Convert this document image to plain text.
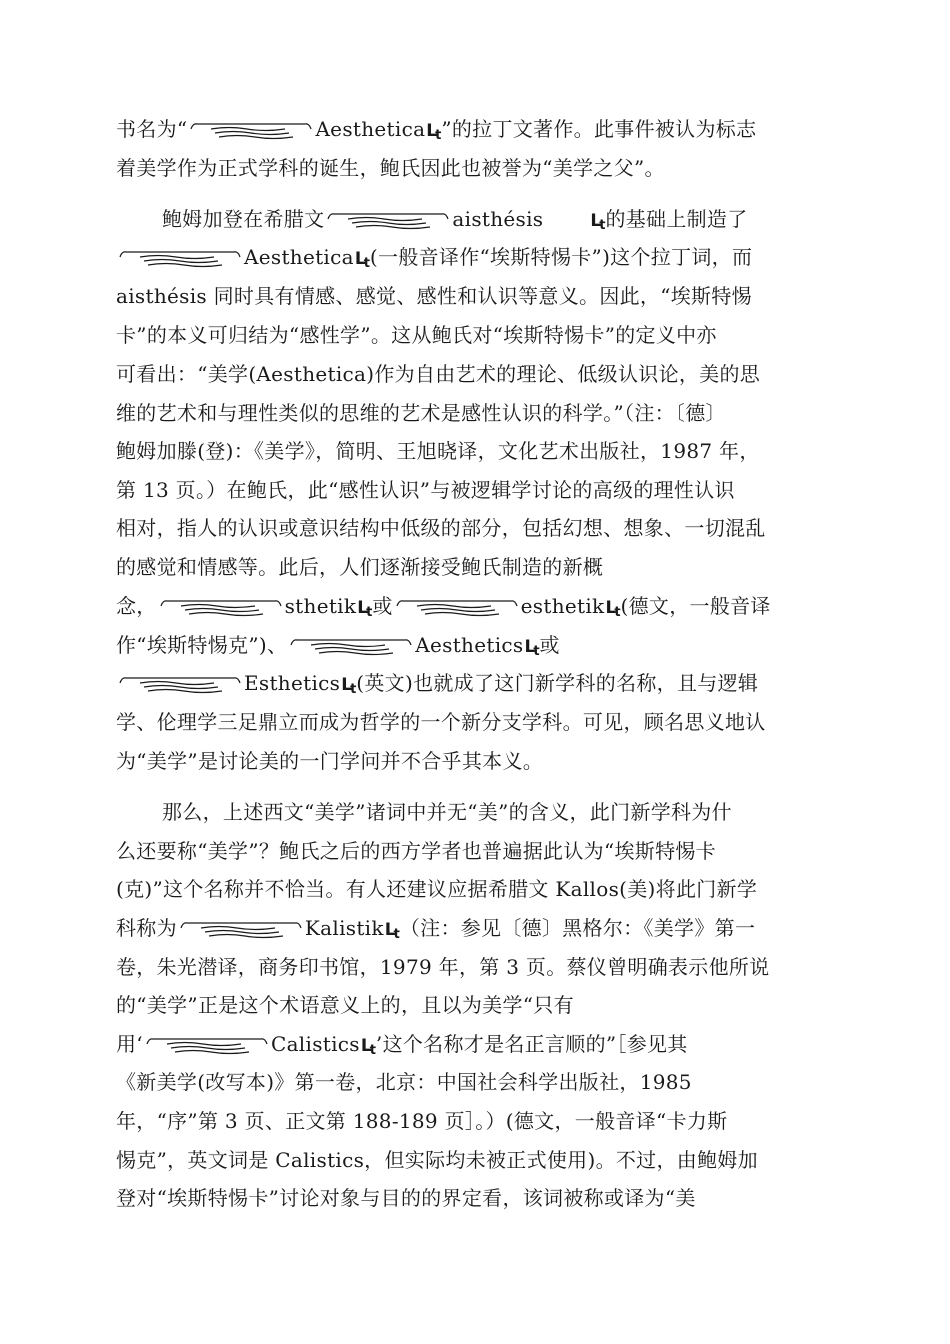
书名为“	AestheticaLt ”的拉丁文著作。此事件被认为标志
着美学作为正式学科的诞生，鲍氏因此也被誉为“美学之父”。
鲍姆加登在希腊文	aisthésis	Lt 的基础上制造了
AestheticaLt (一般音译作“埃斯特惕卡”)这个拉丁词，而
aisthésis 同时具有情感、感觉、感性和认识等意义。因此，“埃斯特惕
卡”的本义可归结为“感性学”。这从鲍氏对“埃斯特惕卡”的定义中亦
可看出：“美学(Aesthetica)作为自由艺术的理论、低级认识论，美的思
维的艺术和与理性类似的思维的艺术是感性认识的科学。”（注：〔德〕
鲍姆加滕(登)：《美学》，简明、王旭晓译，文化艺术出版社，1987 年，
第 13 页。）在鲍氏，此“感性认识”与被逻辑学讨论的高级的理性认识
相对，指人的认识或意识结构中低级的部分，包括幻想、想象、一切混乱
的感觉和情感等。此后，人们逐渐接受鲍氏制造的新概
念，	sthetikLt 或	esthetikLt (德文，一般音译
作“埃斯特惕克”)、	AestheticsLt 或
EstheticsLt (英文)也就成了这门新学科的名称，且与逻辑
学、伦理学三足鼎立而成为哲学的一个新分支学科。可见，顾名思义地认
为“美学”是讨论美的一门学问并不合乎其本义。
那么，上述西文“美学”诸词中并无“美”的含义，此门新学科为什
么还要称“美学”？鲍氏之后的西方学者也普遍据此认为“埃斯特惕卡
(克)”这个名称并不恰当。有人还建议应据希腊文 Kallos(美)将此门新学
科称为	KalistikLt （注：参见〔德〕黑格尔：《美学》第一
卷，朱光潜译，商务印书馆，1979 年，第 3 页。蔡仪曾明确表示他所说
的“美学”正是这个术语意义上的，且以为美学“只有
用‘	CalisticsLt ’这个名称才是名正言顺的”［参见其
《新美学(改写本)》第一卷，北京：中国社会科学出版社，1985
年，“序”第 3 页、正文第 188-189 页］。）(德文，一般音译“卡力斯
惕克”，英文词是 Calistics，但实际均未被正式使用)。不过，由鲍姆加
登对“埃斯特惕卡”讨论对象与目的的界定看，该词被称或译为“美
